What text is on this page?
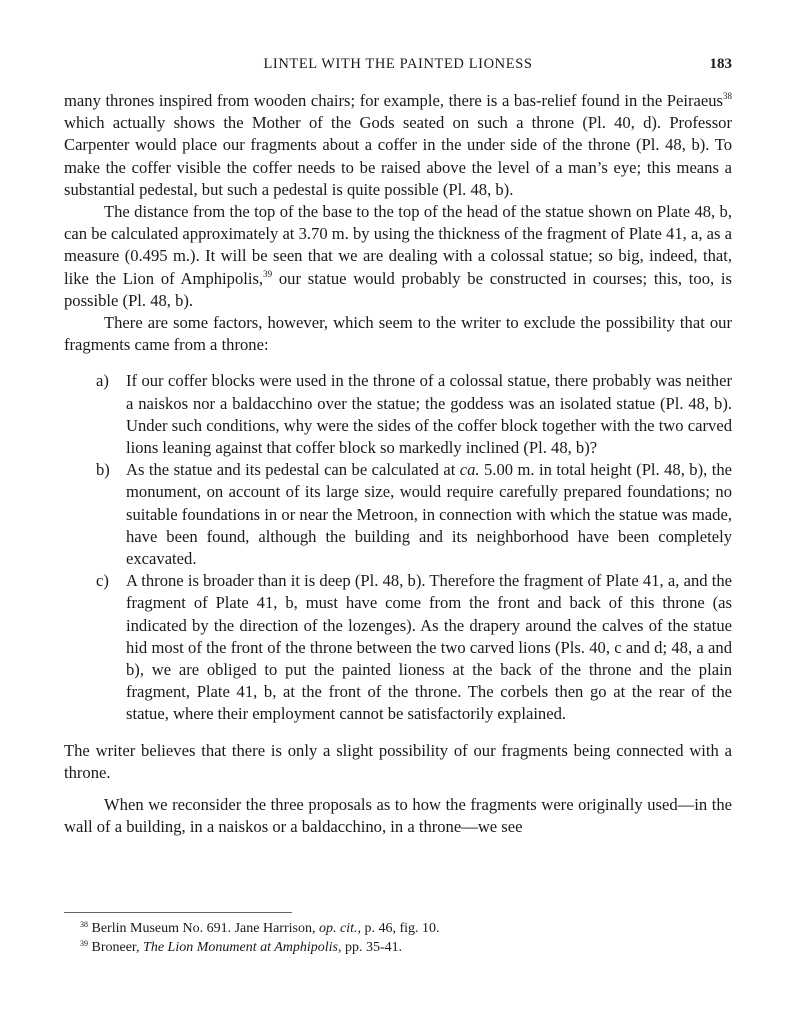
LINTEL WITH THE PAINTED LIONESS	183

many thrones inspired from wooden chairs; for example, there is a bas-relief found in the Peiraeus$^{38}$ which actually shows the Mother of the Gods seated on such a throne (Pl. 40, d). Professor Carpenter would place our fragments about a coffer in the under side of the throne (Pl. 48, b). To make the coffer visible the coffer needs to be raised above the level of a man’s eye; this means a substantial pedestal, but such a pedestal is quite possible (Pl. 48, b).

The distance from the top of the base to the top of the head of the statue shown on Plate 48, b, can be calculated approximately at 3.70 m. by using the thickness of the fragment of Plate 41, a, as a measure (0.495 m.). It will be seen that we are dealing with a colossal statue; so big, indeed, that, like the Lion of Amphipolis,$^{39}$ our statue would probably be constructed in courses; this, too, is possible (Pl. 48, b).

There are some factors, however, which seem to the writer to exclude the possibility that our fragments came from a throne:

a) If our coffer blocks were used in the throne of a colossal statue, there probably was neither a naiskos nor a baldacchino over the statue; the goddess was an isolated statue (Pl. 48, b). Under such conditions, why were the sides of the coffer block together with the two carved lions leaning against that coffer block so markedly inclined (Pl. 48, b)?

b) As the statue and its pedestal can be calculated at ca. 5.00 m. in total height (Pl. 48, b), the monument, on account of its large size, would require carefully prepared foundations; no suitable foundations in or near the Metroon, in connection with which the statue was made, have been found, although the building and its neighborhood have been completely excavated.

c) A throne is broader than it is deep (Pl. 48, b). Therefore the fragment of Plate 41, a, and the fragment of Plate 41, b, must have come from the front and back of this throne (as indicated by the direction of the lozenges). As the drapery around the calves of the statue hid most of the front of the throne between the two carved lions (Pls. 40, c and d; 48, a and b), we are obliged to put the painted lioness at the back of the throne and the plain fragment, Plate 41, b, at the front of the throne. The corbels then go at the rear of the statue, where their employment cannot be satisfactorily explained.

The writer believes that there is only a slight possibility of our fragments being connected with a throne.

When we reconsider the three proposals as to how the fragments were originally used—in the wall of a building, in a naiskos or a baldacchino, in a throne—we see

$^{38}$ Berlin Museum No. 691. Jane Harrison, op. cit., p. 46, fig. 10.

$^{39}$ Broneer, The Lion Monument at Amphipolis, pp. 35-41.
